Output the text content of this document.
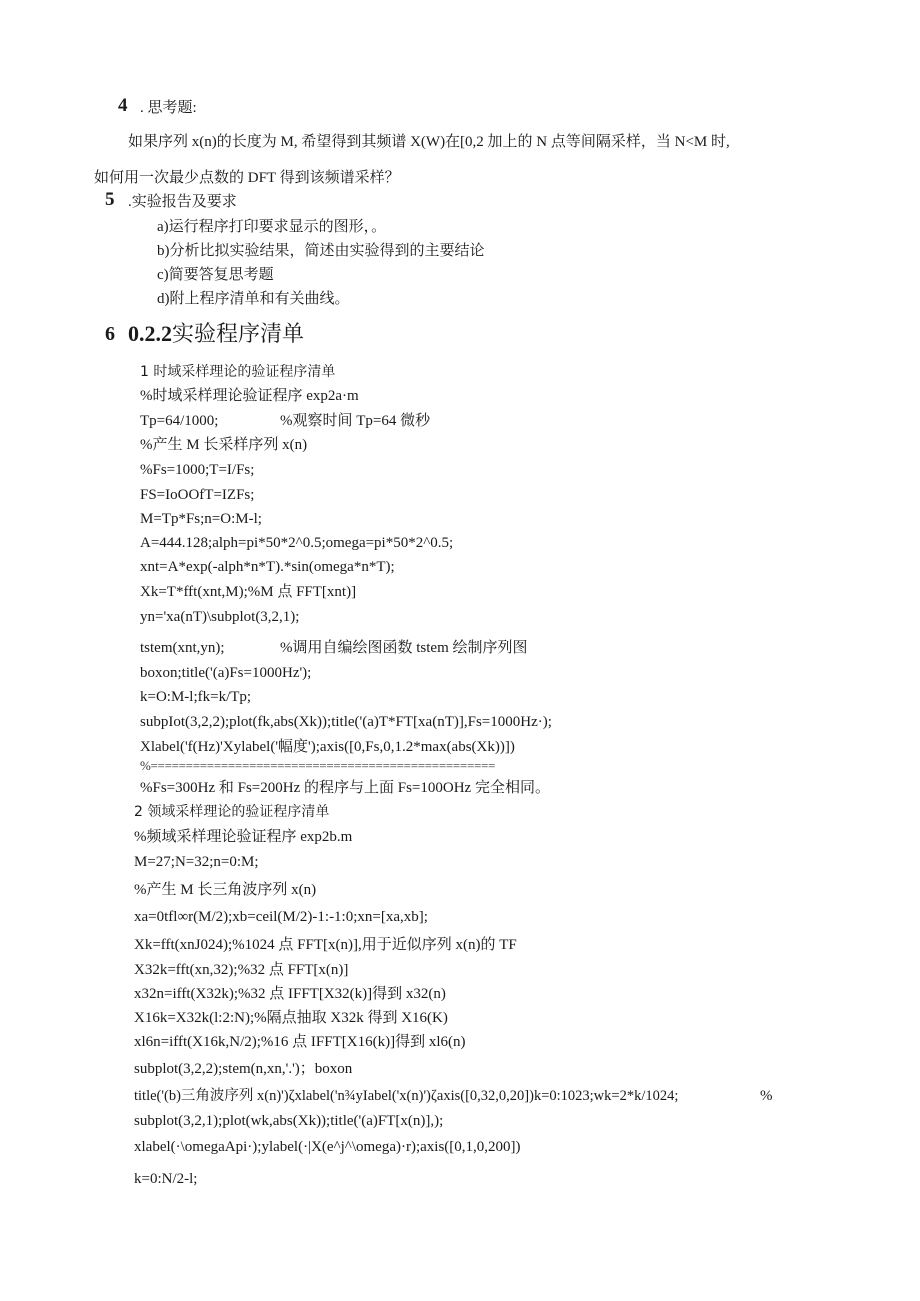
4 . 思考题:
如果序列 x(n)的长度为 M, 希望得到其频谱 X(W)在[0,2 加上的 N 点等间隔采样，当 N<M 时,
如何用一次最少点数的 DFT 得到该频谱采样？
5 .实验报告及要求
a)运行程序打印要求显示的图形，。
b)分析比拟实验结果，简述由实验得到的主要结论
c)简要答复思考题
d)附上程序清单和有关曲线。
6 0.2.2实验程序清单
1 时域采样理论的验证程序清单
%时域采样理论验证程序 exp2a·m
Tp=64/1000;	%观察时间 Tp=64 微秒
%产生 M 长采样序列 x(n)
%Fs=1000;T=I/Fs;
FS=IoOOfT=IZFs;
M=Tp*Fs;n=O:M-l;
A=444.128;alph=pi*50*2^0.5;omega=pi*50*2^0.5;
xnt=A*exp(-alph*n*T).*sin(omega*n*T);
Xk=T*fft(xnt,M);%M 点 FFT[xnt)]
yn='xa(nT)\subplot(3,2,1);
tstem(xnt,yn);	%调用自编绘图函数 tstem 绘制序列图
boxon;title('(a)Fs=1000Hz');
k=O:M-l;fk=k/Tp;
subpIot(3,2,2);plot(fk,abs(Xk));title('(a)T*FT[xa(nT)],Fs=1000Hz·);
Xlabel('f(Hz)'Xylabel('幅度');axis([0,Fs,0,1.2*max(abs(Xk))])
%=================================================
%Fs=300Hz 和 Fs=200Hz 的程序与上面 Fs=100OHz 完全相同。
2 领域采样理论的验证程序清单
%频域采样理论验证程序 exp2b.m
M=27;N=32;n=0:M;
%产生 M 长三角波序列 x(n)
xa=0tfl∞r(M/2);xb=ceil(M/2)-1:-1:0;xn=[xa,xb];
Xk=fft(xnJ024);%1024 点 FFT[x(n)],用于近似序列 x(n)的 TF
X32k=fft(xn,32);%32 点 FFT[x(n)]
x32n=ifft(X32k);%32 点 IFFT[X32(k)]得到 x32(n)
X16k=X32k(l:2:N);%隔点抽取 X32k 得到 X16(K)
xl6n=ifft(X16k,N/2);%16 点 IFFT[X16(k)]得到 xl6(n)
subplot(3,2,2);stem(n,xn,'.')；boxon
title('(b)三角波序列 x(n)')ζxlabel('n¾yIabel('x(n)')ζaxis([0,32,0,20])k=0:1023;wk=2*k/1024;	%
subplot(3,2,1);plot(wk,abs(Xk));title('(a)FT[x(n)],);
xlabel(·\omegaApi·);ylabel(·|X(e^j^\omega)·r);axis([0,1,0,200])
k=0:N/2-l;
